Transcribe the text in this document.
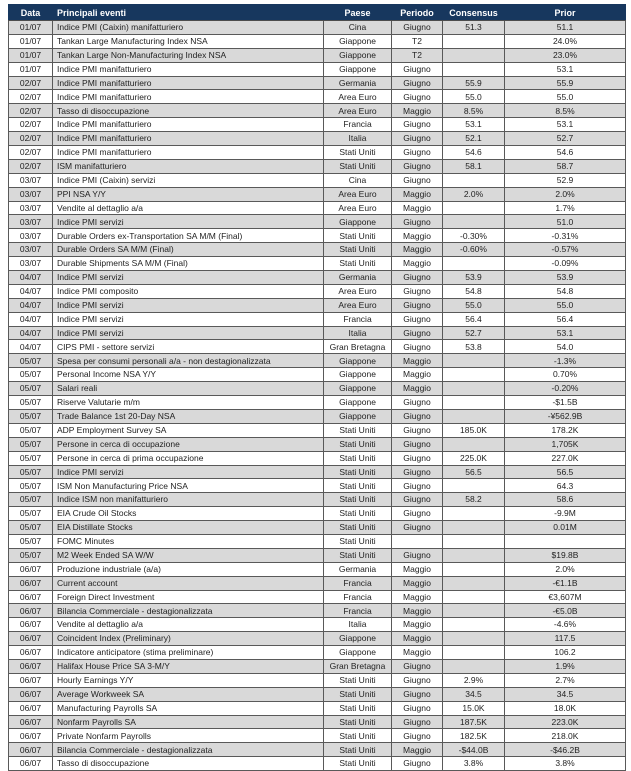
Data	Principali eventi	Paese	Periodo	Consensus	Prior
01/07	Indice PMI (Caixin) manifatturiero	Cina	Giugno	51.3	51.1
01/07	Tankan Large Manufacturing Index NSA	Giappone	T2		24.0%
01/07	Tankan Large Non-Manufacturing Index NSA	Giappone	T2		23.0%
01/07	Indice PMI manifatturiero	Giappone	Giugno		53.1
02/07	Indice PMI manifatturiero	Germania	Giugno	55.9	55.9
02/07	Indice PMI manifatturiero	Area Euro	Giugno	55.0	55.0
02/07	Tasso di disoccupazione	Area Euro	Maggio	8.5%	8.5%
02/07	Indice PMI manifatturiero	Francia	Giugno	53.1	53.1
02/07	Indice PMI manifatturiero	Italia	Giugno	52.1	52.7
02/07	Indice PMI manifatturiero	Stati Uniti	Giugno	54.6	54.6
02/07	ISM manifatturiero	Stati Uniti	Giugno	58.1	58.7
03/07	Indice PMI (Caixin) servizi	Cina	Giugno		52.9
03/07	PPI NSA Y/Y	Area Euro	Maggio	2.0%	2.0%
03/07	Vendite al dettaglio a/a	Area Euro	Maggio		1.7%
03/07	Indice PMI servizi	Giappone	Giugno		51.0
03/07	Durable Orders ex-Transportation SA M/M (Final)	Stati Uniti	Maggio	-0.30%	-0.31%
03/07	Durable Orders SA M/M (Final)	Stati Uniti	Maggio	-0.60%	-0.57%
03/07	Durable Shipments SA M/M (Final)	Stati Uniti	Maggio		-0.09%
04/07	Indice PMI servizi	Germania	Giugno	53.9	53.9
04/07	Indice PMI composito	Area Euro	Giugno	54.8	54.8
04/07	Indice PMI servizi	Area Euro	Giugno	55.0	55.0
04/07	Indice PMI servizi	Francia	Giugno	56.4	56.4
04/07	Indice PMI servizi	Italia	Giugno	52.7	53.1
04/07	CIPS PMI - settore servizi	Gran Bretagna	Giugno	53.8	54.0
05/07	Spesa per consumi personali a/a - non destagionalizzata	Giappone	Maggio		-1.3%
05/07	Personal Income NSA Y/Y	Giappone	Maggio		0.70%
05/07	Salari reali	Giappone	Maggio		-0.20%
05/07	Riserve Valutarie m/m	Giappone	Giugno		-$1.5B
05/07	Trade Balance 1st 20-Day NSA	Giappone	Giugno		-¥562.9B
05/07	ADP Employment Survey SA	Stati Uniti	Giugno	185.0K	178.2K
05/07	Persone in cerca di occupazione	Stati Uniti	Giugno		1,705K
05/07	Persone in cerca di prima occupazione	Stati Uniti	Giugno	225.0K	227.0K
05/07	Indice PMI servizi	Stati Uniti	Giugno	56.5	56.5
05/07	ISM Non Manufacturing Price NSA	Stati Uniti	Giugno		64.3
05/07	Indice ISM non manifatturiero	Stati Uniti	Giugno	58.2	58.6
05/07	EIA Crude Oil Stocks	Stati Uniti	Giugno		-9.9M
05/07	EIA Distillate Stocks	Stati Uniti	Giugno		0.01M
05/07	FOMC Minutes	Stati Uniti			
05/07	M2 Week Ended SA W/W	Stati Uniti	Giugno		$19.8B
06/07	Produzione industriale (a/a)	Germania	Maggio		2.0%
06/07	Current account	Francia	Maggio		-€1.1B
06/07	Foreign Direct Investment	Francia	Maggio		€3,607M
06/07	Bilancia Commerciale - destagionalizzata	Francia	Maggio		-€5.0B
06/07	Vendite al dettaglio a/a	Italia	Maggio		-4.6%
06/07	Coincident Index (Preliminary)	Giappone	Maggio		117.5
06/07	Indicatore anticipatore (stima preliminare)	Giappone	Maggio		106.2
06/07	Halifax House Price SA 3-M/Y	Gran Bretagna	Giugno		1.9%
06/07	Hourly Earnings Y/Y	Stati Uniti	Giugno	2.9%	2.7%
06/07	Average Workweek SA	Stati Uniti	Giugno	34.5	34.5
06/07	Manufacturing Payrolls SA	Stati Uniti	Giugno	15.0K	18.0K
06/07	Nonfarm Payrolls SA	Stati Uniti	Giugno	187.5K	223.0K
06/07	Private Nonfarm Payrolls	Stati Uniti	Giugno	182.5K	218.0K
06/07	Bilancia Commerciale - destagionalizzata	Stati Uniti	Maggio	-$44.0B	-$46.2B
06/07	Tasso di disoccupazione	Stati Uniti	Giugno	3.8%	3.8%
